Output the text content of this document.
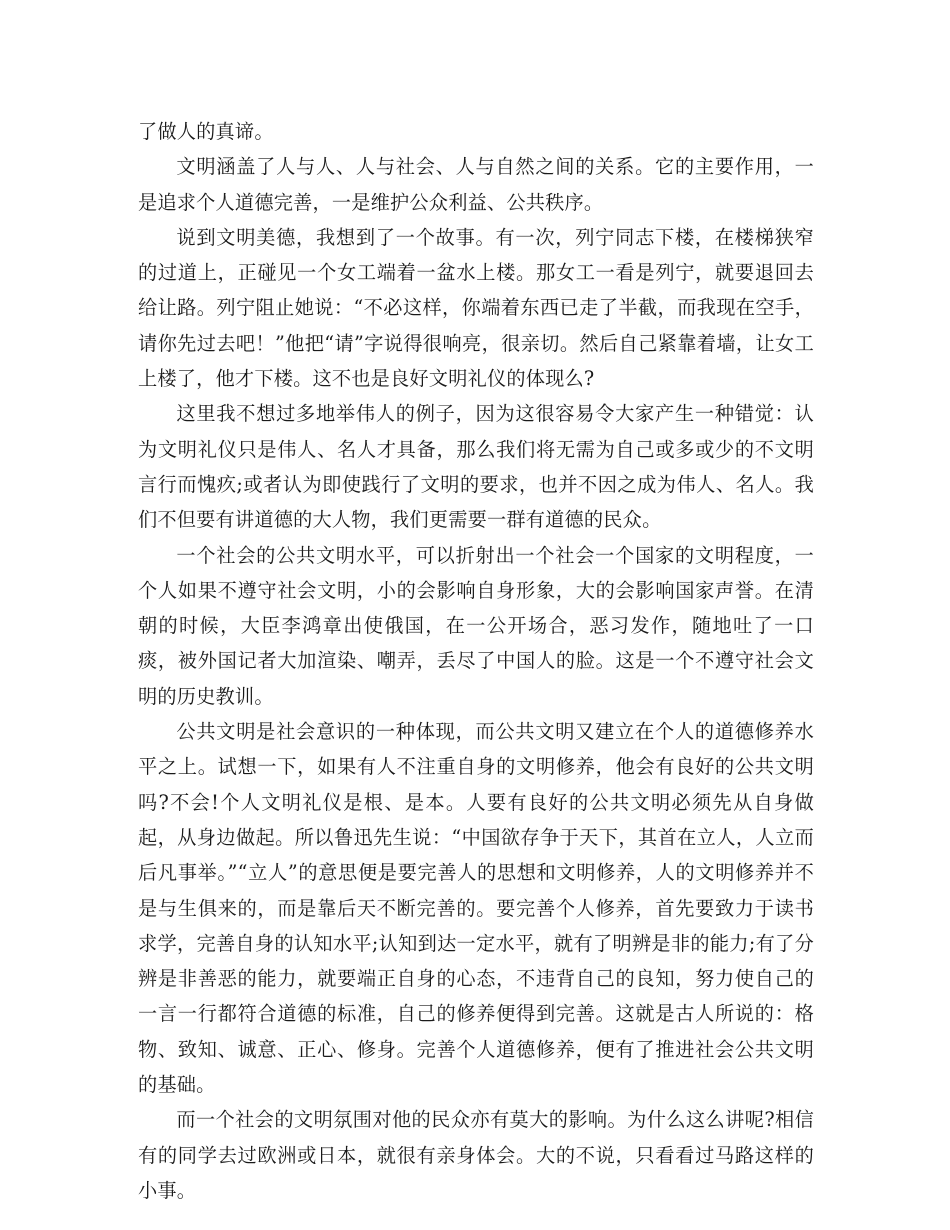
了做人的真谛。

文明涵盖了人与人、人与社会、人与自然之间的关系。它的主要作用，一是追求个人道德完善，一是维护公众利益、公共秩序。

说到文明美德，我想到了一个故事。有一次，列宁同志下楼，在楼梯狭窄的过道上，正碰见一个女工端着一盆水上楼。那女工一看是列宁，就要退回去给让路。列宁阻止她说：“不必这样，你端着东西已走了半截，而我现在空手，请你先过去吧！”他把“请”字说得很响亮，很亲切。然后自己紧靠着墙，让女工上楼了，他才下楼。这不也是良好文明礼仪的体现么?

这里我不想过多地举伟人的例子，因为这很容易令大家产生一种错觉：认为文明礼仪只是伟人、名人才具备，那么我们将无需为自己或多或少的不文明言行而愧疚;或者认为即使践行了文明的要求，也并不因之成为伟人、名人。我们不但要有讲道德的大人物，我们更需要一群有道德的民众。

一个社会的公共文明水平，可以折射出一个社会一个国家的文明程度，一个人如果不遵守社会文明，小的会影响自身形象，大的会影响国家声誉。在清朝的时候，大臣李鸿章出使俄国，在一公开场合，恶习发作，随地吐了一口痰，被外国记者大加渲染、嘲弄，丢尽了中国人的脸。这是一个不遵守社会文明的历史教训。

公共文明是社会意识的一种体现，而公共文明又建立在个人的道德修养水平之上。试想一下，如果有人不注重自身的文明修养，他会有良好的公共文明吗?不会!个人文明礼仪是根、是本。人要有良好的公共文明必须先从自身做起，从身边做起。所以鲁迅先生说：“中国欲存争于天下，其首在立人，人立而后凡事举。”“立人”的意思便是要完善人的思想和文明修养，人的文明修养并不是与生俱来的，而是靠后天不断完善的。要完善个人修养，首先要致力于读书求学，完善自身的认知水平;认知到达一定水平，就有了明辨是非的能力;有了分辨是非善恶的能力，就要端正自身的心态，不违背自己的良知，努力使自己的一言一行都符合道德的标准，自己的修养便得到完善。这就是古人所说的：格物、致知、诚意、正心、修身。完善个人道德修养，便有了推进社会公共文明的基础。

而一个社会的文明氛围对他的民众亦有莫大的影响。为什么这么讲呢?相信有的同学去过欧洲或日本，就很有亲身体会。大的不说，只看看过马路这样的小事。
